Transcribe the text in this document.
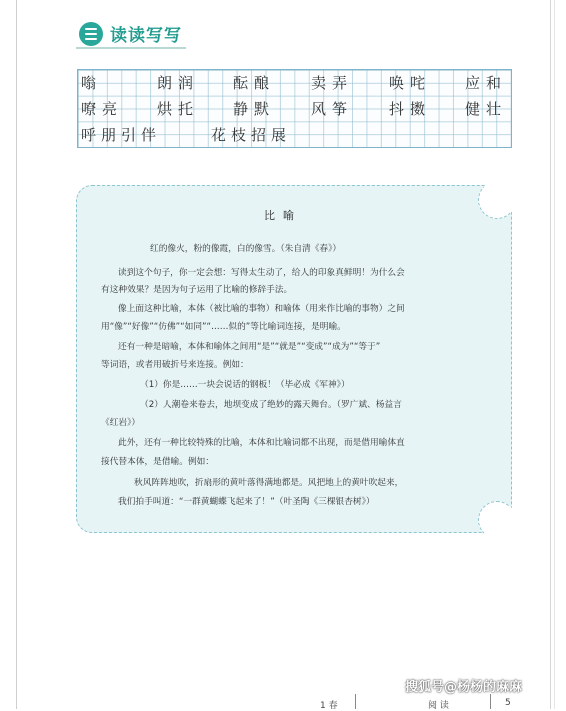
读读写写
嗡	朗润 酝酿 卖弄 唤咤 应和
嘹亮 烘托 静默 风筝 抖擞 健壮
呼朋引伴	花枝招展
比喻
红的像火，粉的像霞，白的像雪。（朱自清《春》）
读到这个句子，你一定会想：写得太生动了，给人的印象真鲜明！为什么会
有这种效果？是因为句子运用了比喻的修辞手法。
像上面这种比喻，本体（被比喻的事物）和喻体（用来作比喻的事物）之间
用“像”“好像”“仿佛”“如同”“……似的”等比喻词连接，是明喻。
还有一种是暗喻，本体和喻体之间用“是”“就是”“变成”“成为”“等于”
等词语，或者用破折号来连接。例如：
（1）你是……一块会说话的钢板！（毕必成《军神》）
（2）人潮卷来卷去，地坝变成了绝妙的露天舞台。（罗广斌、杨益言
《红岩》）
此外，还有一种比较特殊的比喻，本体和比喻词都不出现，而是借用喻体直
接代替本体，是借喻。例如：
秋风阵阵地吹，折扇形的黄叶落得满地都是。风把地上的黄叶吹起来，
我们拍手叫道：“一群黄蝴蝶飞起来了！”（叶圣陶《三棵银杏树》）
1 春	阅 读	5
搜狐号@杨杨的麻麻
